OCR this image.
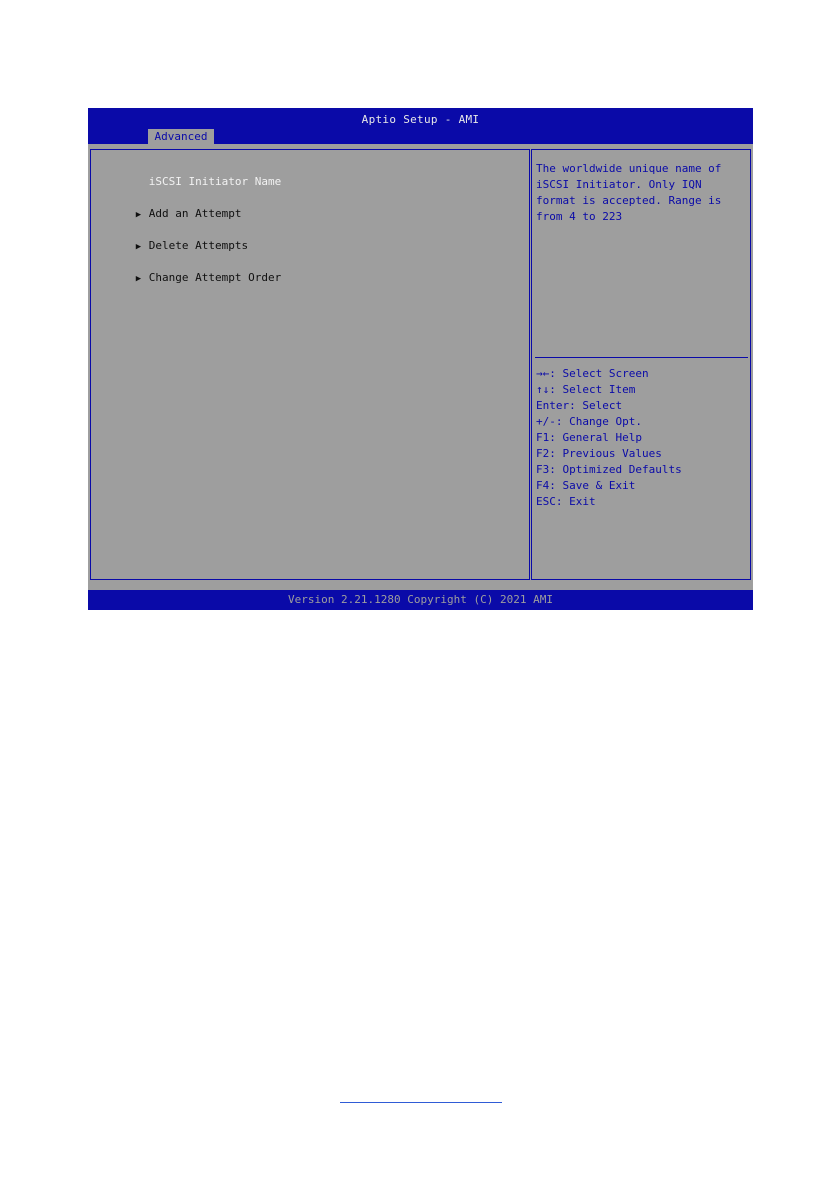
Aptio Setup - AMI
Advanced

iSCSI Initiator Name

▶ Add an Attempt

▶ Delete Attempts

▶ Change Attempt Order

The worldwide unique name of
iSCSI Initiator. Only IQN
format is accepted. Range is
from 4 to 223
→←: Select Screen
↑↓: Select Item
Enter: Select
+/-: Change Opt.
F1: General Help
F2: Previous Values
F3: Optimized Defaults
F4: Save & Exit
ESC: Exit
Version 2.21.1280 Copyright (C) 2021 AMI
